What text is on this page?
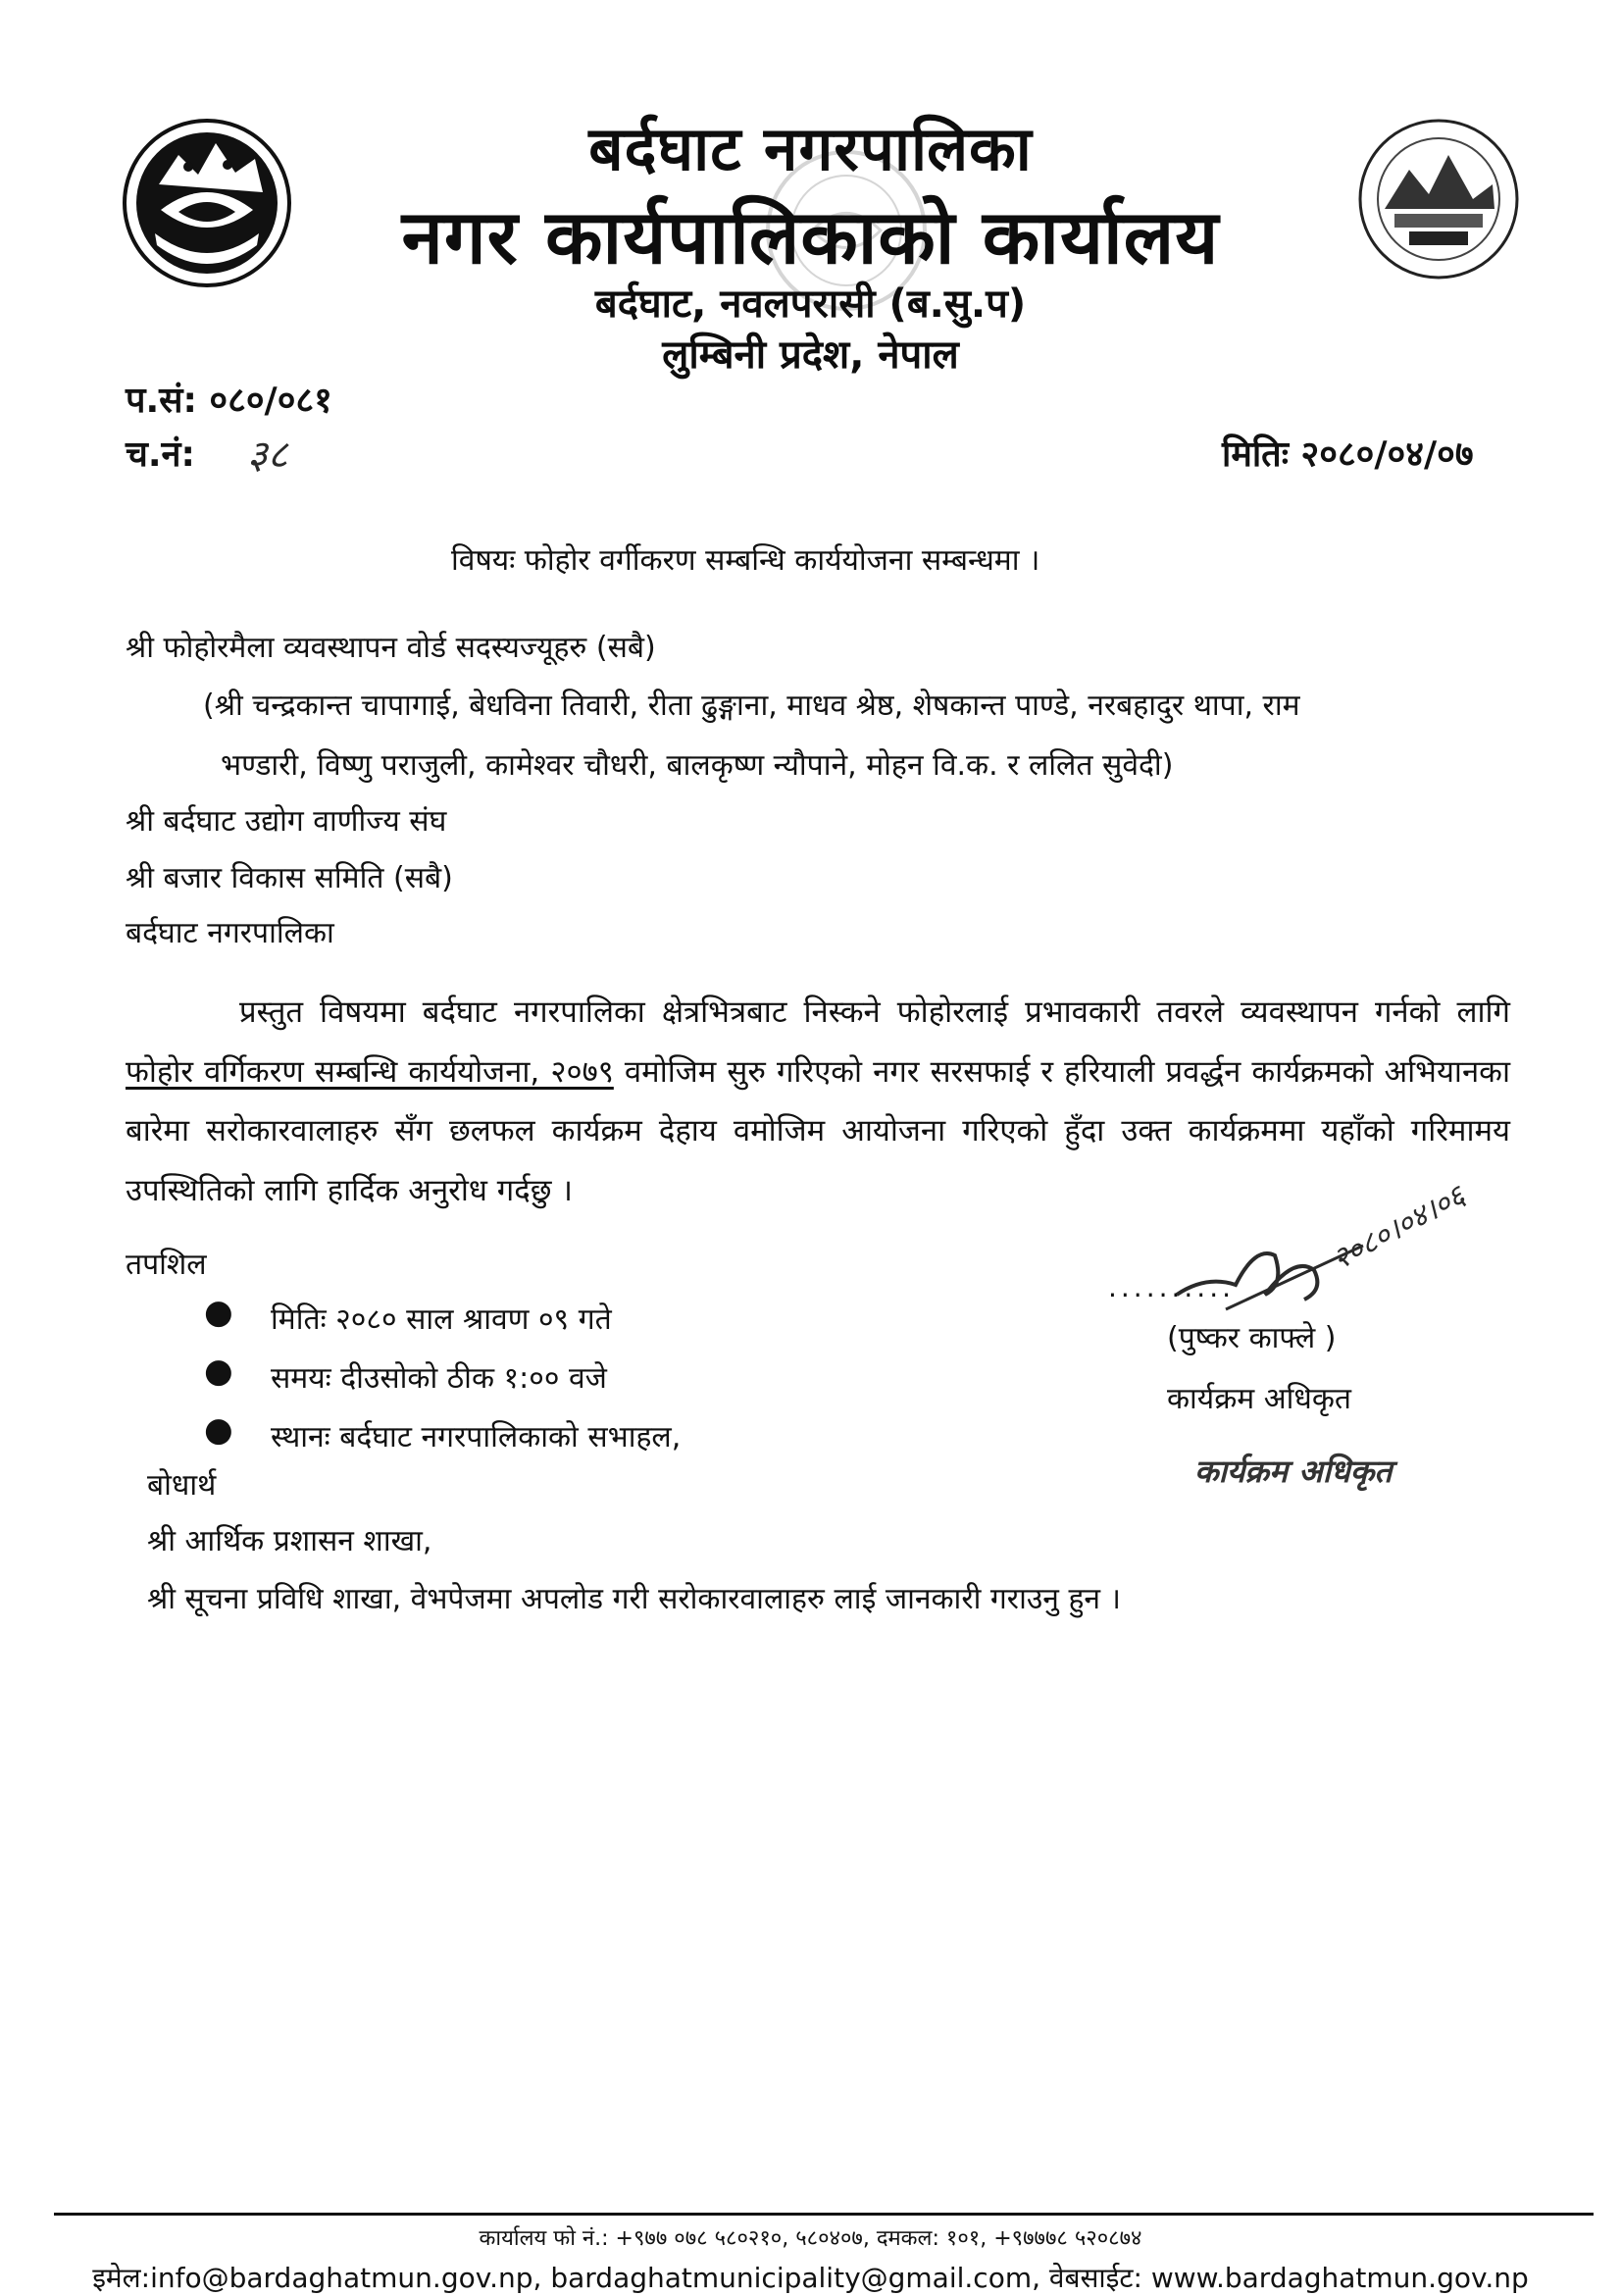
बर्दघाट नगरपालिका
नगर कार्यपालिकाको कार्यालय
बर्दघाट, नवलपरासी (ब.सु.प)
लुम्बिनी प्रदेश, नेपाल
प.सं: ०८०/०८१
च.नं: ३८	मितिः २०८०/०४/०७
विषयः फोहोर वर्गीकरण सम्बन्धि कार्ययोजना सम्बन्धमा ।
श्री फोहोरमैला व्यवस्थापन वोर्ड सदस्यज्यूहरु (सबै)
(श्री चन्द्रकान्त चापागाई, बेधविना तिवारी, रीता ढुङ्गाना, माधव श्रेष्ठ, शेषकान्त पाण्डे, नरबहादुर थापा, राम
भण्डारी, विष्णु पराजुली, कामेश्वर चौधरी, बालकृष्ण न्यौपाने, मोहन वि.क. र ललित सुवेदी)
श्री बर्दघाट उद्योग वाणीज्य संघ
श्री बजार विकास समिति (सबै)
बर्दघाट नगरपालिका
प्रस्तुत विषयमा बर्दघाट नगरपालिका क्षेत्रभित्रबाट निस्कने फोहोरलाई प्रभावकारी तवरले व्यवस्थापन गर्नको लागि फोहोर वर्गिकरण सम्बन्धि कार्ययोजना, २०७९ वमोजिम सुरु गरिएको नगर सरसफाई र हरियाली प्रवर्द्धन कार्यक्रमको अभियानका बारेमा सरोकारवालाहरु सँग छलफल कार्यक्रम देहाय वमोजिम आयोजना गरिएको हुँदा उक्त कार्यक्रममा यहाँको गरिमामय उपस्थितिको लागि हार्दिक अनुरोध गर्दछु ।
तपशिल
● मितिः २०८० साल श्रावण ०९ गते
● समयः दीउसोको ठीक १:०० वजे
● स्थानः बर्दघाट नगरपालिकाको सभाहल,
..........
२०८०।०४।०६
(पुष्कर काफ्ले )
कार्यक्रम अधिकृत
कार्यक्रम अधिकृत
बोधार्थ
श्री आर्थिक प्रशासन शाखा,
श्री सूचना प्रविधि शाखा, वेभपेजमा अपलोड गरी सरोकारवालाहरु लाई जानकारी गराउनु हुन ।
कार्यालय फो नं.: +९७७ ०७८ ५८०२१०, ५८०४०७, दमकल: १०१, +९७७७८ ५२०८७४
इमेल:info@bardaghatmun.gov.np, bardaghatmunicipality@gmail.com, वेबसाईट: www.bardaghatmun.gov.np
